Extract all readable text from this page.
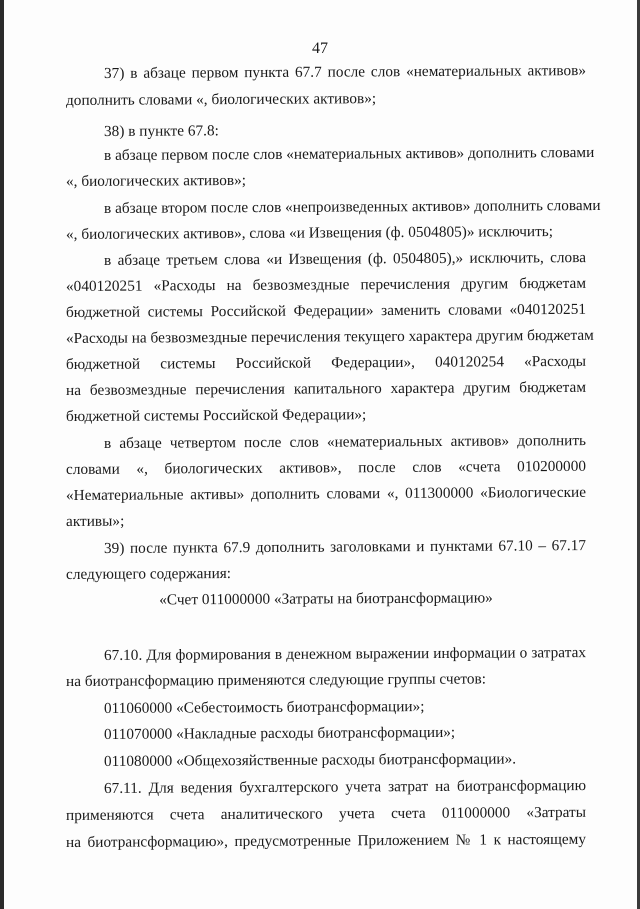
47
37) в абзаце первом пункта 67.7 после слов «нематериальных активов»
дополнить словами «, биологических активов»;
38) в пункте 67.8:
в абзаце первом после слов «нематериальных активов» дополнить словами
«, биологических активов»;
в абзаце втором после слов «непроизведенных активов» дополнить словами
«, биологических активов», слова «и Извещения (ф. 0504805)» исключить;
в абзаце третьем слова «и Извещения (ф. 0504805),» исключить, слова
«040120251 «Расходы на безвозмездные перечисления другим бюджетам
бюджетной системы Российской Федерации» заменить словами «040120251
«Расходы на безвозмездные перечисления текущего характера другим бюджетам
бюджетной системы Российской Федерации», 040120254 «Расходы
на безвозмездные перечисления капитального характера другим бюджетам
бюджетной системы Российской Федерации»;
в абзаце четвертом после слов «нематериальных активов» дополнить
словами «, биологических активов», после слов «счета 010200000
«Нематериальные активы» дополнить словами «, 011300000 «Биологические
активы»;
39) после пункта 67.9 дополнить заголовками и пунктами 67.10 – 67.17
следующего содержания:
«Счет 011000000 «Затраты на биотрансформацию»
67.10. Для формирования в денежном выражении информации о затратах
на биотрансформацию применяются следующие группы счетов:
011060000 «Себестоимость биотрансформации»;
011070000 «Накладные расходы биотрансформации»;
011080000 «Общехозяйственные расходы биотрансформации».
67.11. Для ведения бухгалтерского учета затрат на биотрансформацию
применяются счета аналитического учета счета 011000000 «Затраты
на биотрансформацию», предусмотренные Приложением № 1 к настоящему
